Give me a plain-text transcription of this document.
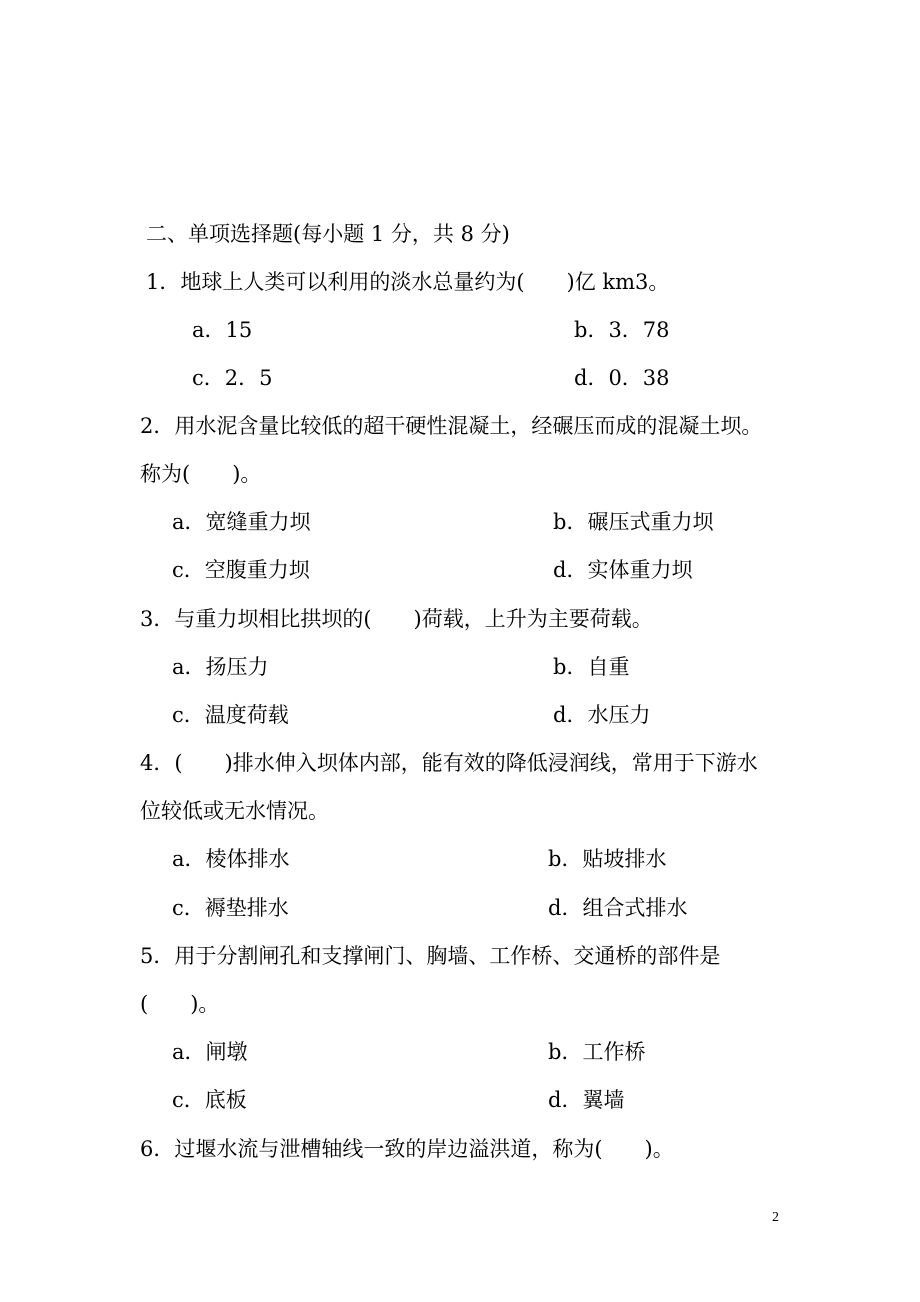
二、单项选择题(每小题 1 分，共 8 分)
1．地球上人类可以利用的淡水总量约为(　　)亿 km3。
a．15	b．3．78
c．2．5	d．0．38
2．用水泥含量比较低的超干硬性混凝土，经碾压而成的混凝土坝。
称为(　　)。
a．宽缝重力坝	b．碾压式重力坝
c．空腹重力坝	d．实体重力坝
3．与重力坝相比拱坝的(　　)荷载，上升为主要荷载。
a．扬压力	b．自重
c．温度荷载	d．水压力
4．(　　)排水伸入坝体内部，能有效的降低浸润线，常用于下游水
位较低或无水情况。
a．棱体排水	b．贴坡排水
c．褥垫排水	d．组合式排水
5．用于分割闸孔和支撑闸门、胸墙、工作桥、交通桥的部件是
(　　)。
a．闸墩	b．工作桥
c．底板	d．翼墙
6．过堰水流与泄槽轴线一致的岸边溢洪道，称为(　　)。
2
